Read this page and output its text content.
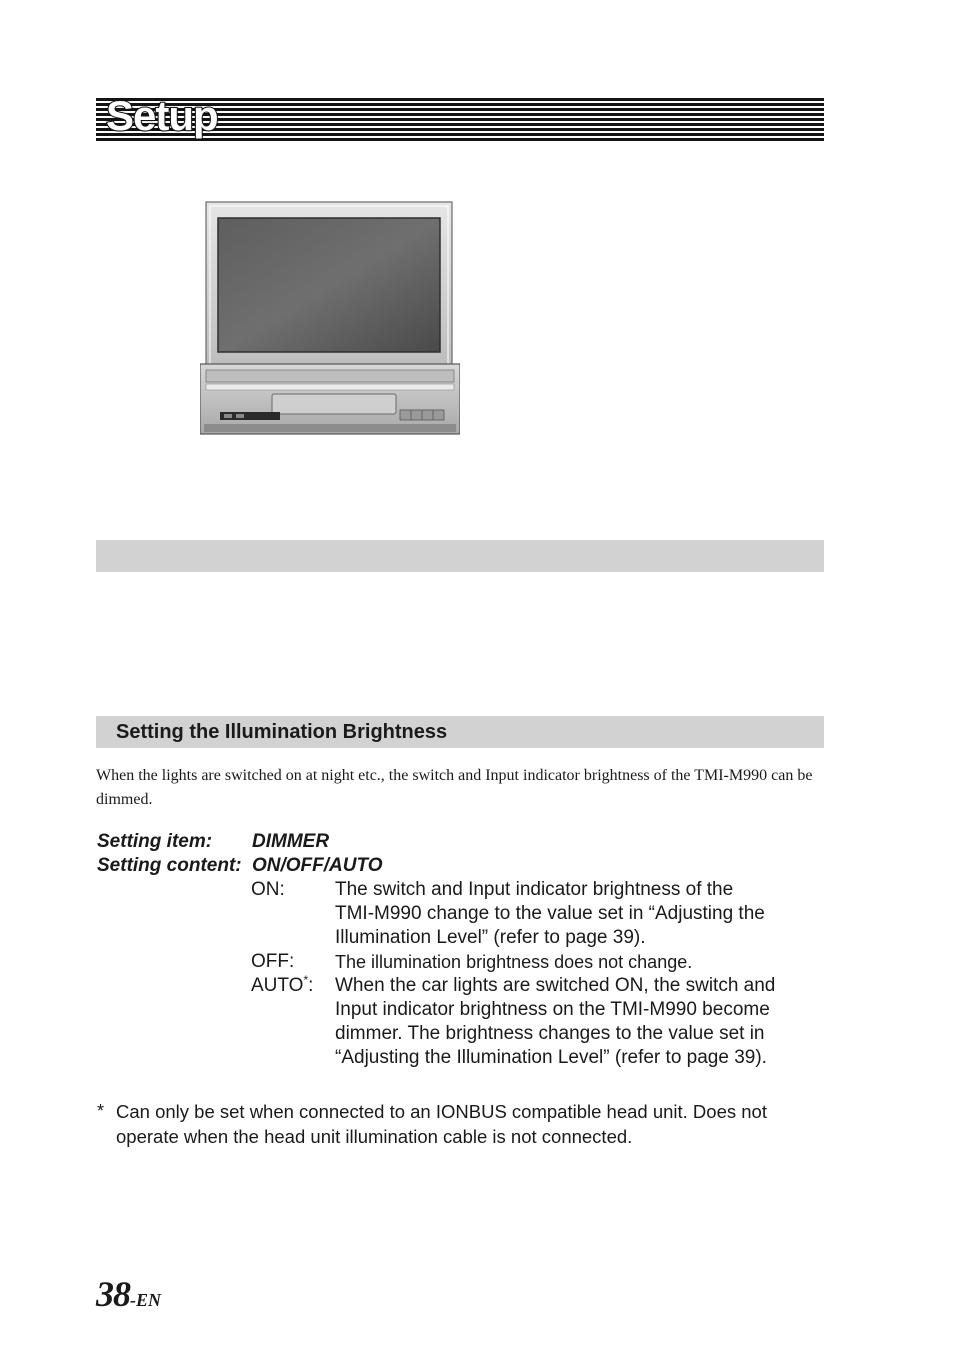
Setup
Setting the Illumination Brightness
When the lights are switched on at night etc., the switch and Input indicator brightness of the TMI-M990 can be dimmed.
Setting item: DIMMER
Setting content: ON/OFF/AUTO
ON:	The switch and Input indicator brightness of the
TMI-M990 change to the value set in “Adjusting the
Illumination Level” (refer to page 39).
OFF: The illumination brightness does not change.
AUTO*: When the car lights are switched ON, the switch and
Input indicator brightness on the TMI-M990 become
dimmer. The brightness changes to the value set in
“Adjusting the Illumination Level” (refer to page 39).
* Can only be set when connected to an IONBUS compatible head unit. Does not
operate when the head unit illumination cable is not connected.
38-EN
